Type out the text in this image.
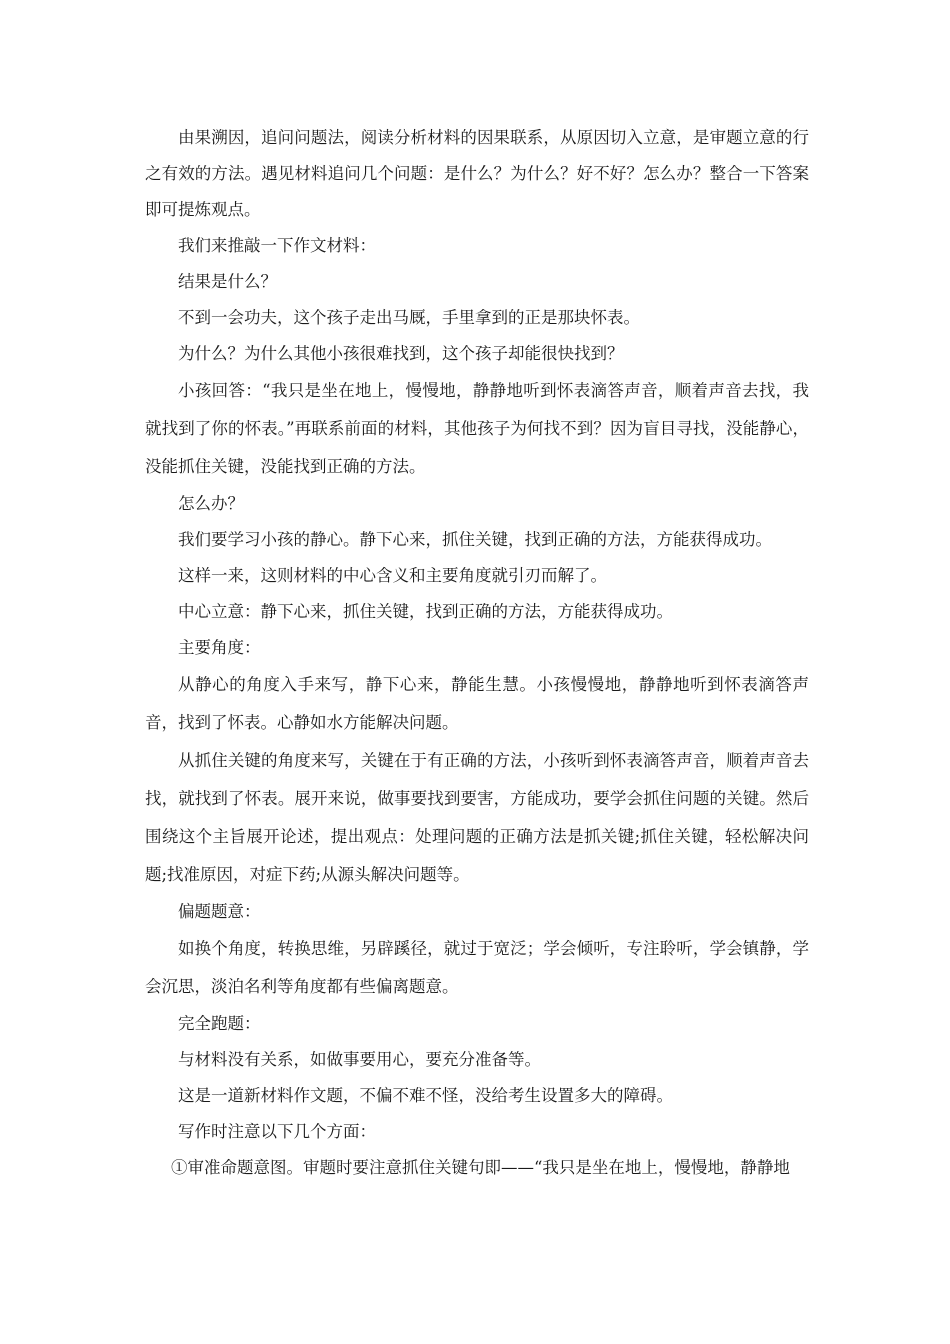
由果溯因，追问问题法，阅读分析材料的因果联系，从原因切入立意，是审题立意的行之有效的方法。遇见材料追问几个问题：是什么？为什么？好不好？怎么办？整合一下答案即可提炼观点。

我们来推敲一下作文材料：

结果是什么？

不到一会功夫，这个孩子走出马厩，手里拿到的正是那块怀表。

为什么？为什么其他小孩很难找到，这个孩子却能很快找到？

小孩回答：“我只是坐在地上，慢慢地，静静地听到怀表滴答声音，顺着声音去找，我就找到了你的怀表。”再联系前面的材料，其他孩子为何找不到？因为盲目寻找，没能静心，没能抓住关键，没能找到正确的方法。

怎么办？

我们要学习小孩的静心。静下心来，抓住关键，找到正确的方法，方能获得成功。

这样一来，这则材料的中心含义和主要角度就引刃而解了。

中心立意：静下心来，抓住关键，找到正确的方法，方能获得成功。

主要角度：

从静心的角度入手来写，静下心来，静能生慧。小孩慢慢地，静静地听到怀表滴答声音，找到了怀表。心静如水方能解决问题。

从抓住关键的角度来写，关键在于有正确的方法，小孩听到怀表滴答声音，顺着声音去找，就找到了怀表。展开来说，做事要找到要害，方能成功，要学会抓住问题的关键。然后围绕这个主旨展开论述，提出观点：处理问题的正确方法是抓关键;抓住关键，轻松解决问题;找准原因，对症下药;从源头解决问题等。

偏题题意：

如换个角度，转换思维，另辟蹊径，就过于宽泛；学会倾听，专注聆听，学会镇静，学会沉思，淡泊名利等角度都有些偏离题意。

完全跑题：

与材料没有关系，如做事要用心，要充分准备等。

这是一道新材料作文题，不偏不难不怪，没给考生设置多大的障碍。

写作时注意以下几个方面：

①审准命题意图。审题时要注意抓住关键句即——“我只是坐在地上，慢慢地，静静地
